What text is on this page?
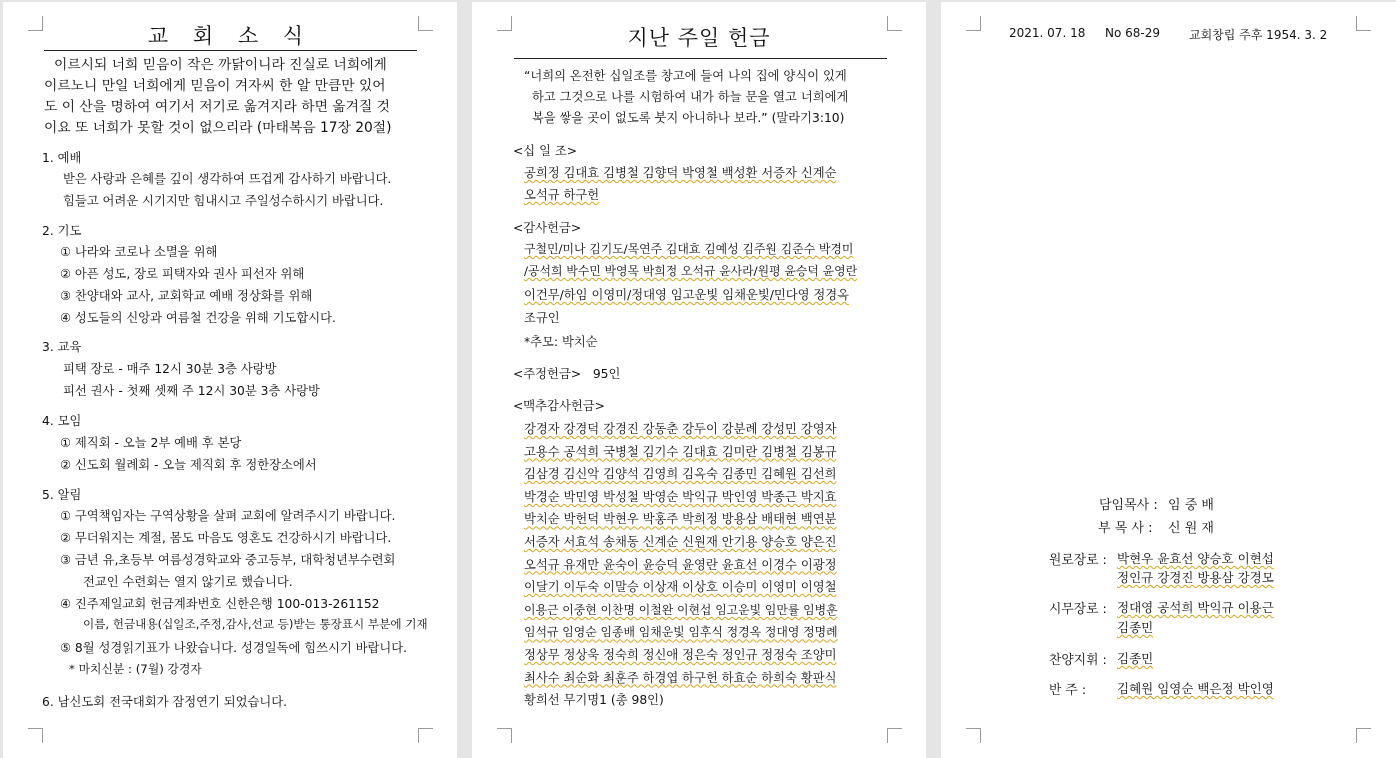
교 회 소 식
이르시되 너희 믿음이 작은 까닭이니라 진실로 너희에게
이르노니 만일 너희에게 믿음이 겨자씨 한 알 만큼만 있어
도 이 산을 명하여 여기서 저기로 옮겨지라 하면 옮겨질 것
이요 또 너희가 못할 것이 없으리라 (마태복음 17장 20절)
1. 예배
받은 사랑과 은혜를 깊이 생각하여 뜨겁게 감사하기 바랍니다.
힘들고 어려운 시기지만 힘내시고 주일성수하시기 바랍니다.
2. 기도
① 나라와 코로나 소멸을 위해
② 아픈 성도, 장로 피택자와 권사 피선자 위해
③ 찬양대와 교사, 교회학교 예배 정상화를 위해
④ 성도들의 신앙과 여름철 건강을 위해 기도합시다.
3. 교육
피택 장로 - 매주 12시 30분 3층 사랑방
피선 권사 - 첫째 셋째 주 12시 30분 3층 사랑방
4. 모임
① 제직회 - 오늘 2부 예배 후 본당
② 신도회 월례회 - 오늘 제직회 후 정한장소에서
5. 알림
① 구역책임자는 구역상황을 살펴 교회에 알려주시기 바랍니다.
② 무더워지는 계절, 몸도 마음도 영혼도 건강하시기 바랍니다.
③ 금년 유,초등부 여름성경학교와 중고등부, 대학청년부수련회
전교인 수련회는 열지 않기로 했습니다.
④ 진주제일교회 헌금계좌번호 신한은행 100-013-261152
이름, 헌금내용(십일조,주정,감사,선교 등)받는 통장표시 부분에 기재
⑤ 8월 성경읽기표가 나왔습니다. 성경일독에 힘쓰시기 바랍니다.
* 마치신분 : (7월) 강경자
6. 남신도회 전국대회가 잠정연기 되었습니다.
지난 주일 헌금
“너희의 온전한 십일조를 창고에 들여 나의 집에 양식이 있게
하고 그것으로 나를 시험하여 내가 하늘 문을 열고 너희에게
복을 쌓을 곳이 없도록 붓지 아니하나 보라.” (말라기3:10)
<십 일 조>
공희정 김대효 김병철 김향덕 박영철 백성환 서증자 신계순
오석규 하구헌
<감사헌금>
구철민/미나 김기도/목연주 김대효 김예성 김주원 김준수 박경미
/공석희 박수민 박영목 박희정 오석규 윤사라/원평 윤승덕 윤영란
이건무/하임 이영미/정대영 임고운빛 임채운빛/민다영 정경옥
조규인
*추모: 박치순
<주정헌금> 95인
<맥추감사헌금>
강경자 강경덕 강경진 강동춘 강두이 강분례 강성민 강영자
고용수 공석희 국병철 김기수 김대효 김미란 김병철 김봉규
김삼경 김신악 김양석 김영희 김옥숙 김종민 김혜원 김선희
박경순 박민영 박성철 박영순 박익규 박인영 박종근 박지효
박치순 박헌덕 박현우 박홍주 박희정 방용삼 배태현 백연분
서증자 서효석 송채동 신계순 신원재 안기용 양승호 양은진
오석규 유재만 윤숙이 윤승덕 윤영란 윤효선 이경수 이광정
이달기 이두숙 이말승 이상재 이상호 이승미 이영미 이영철
이용근 이중현 이찬명 이철완 이현섭 임고운빛 임만률 임병훈
임석규 임영순 임종배 임채운빛 임후식 정경옥 정대영 정명례
정상무 정상욱 정숙희 정신애 정은숙 정인규 정정숙 조양미
최사수 최순화 최훈주 하경엽 하구헌 하효순 하희숙 황판식
황희선 무기명1 (총 98인)
2021. 07. 18 No 68-29 교회창립 주후 1954. 3. 2
담임목사 : 임 중 배
부 목 사 : 신 원 재
원로장로 : 박현우 윤효선 양승호 이현섭
정인규 강경진 방용삼 강경모
시무장로 : 정대영 공석희 박익규 이용근
김종민
찬양지휘 : 김종민
반 주 : 김혜원 임영순 백은정 박인영
